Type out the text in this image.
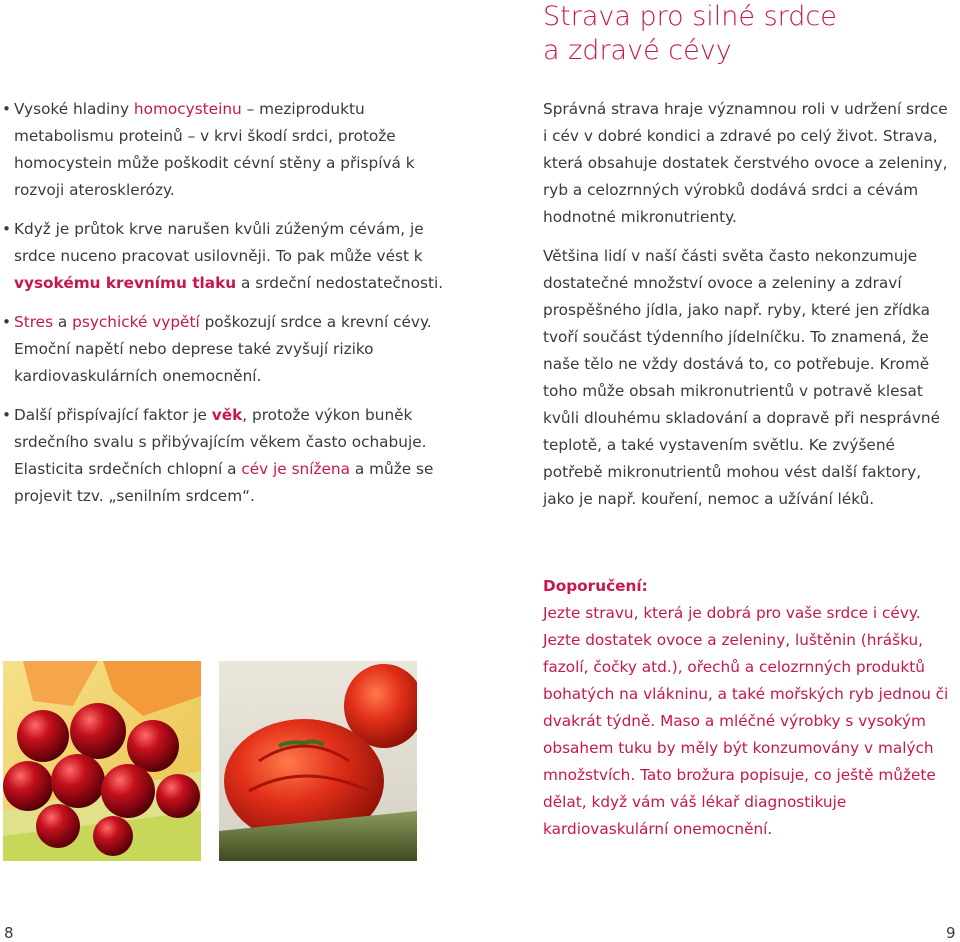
Strava pro silné srdce
a zdravé cévy
• Vysoké hladiny homocysteinu – meziproduktu metabolismu proteinů – v krvi škodí srdci, protože homocystein může poškodit cévní stěny a přispívá k rozvoji aterosklerózy.
• Když je průtok krve narušen kvůli zúženým cévám, je srdce nuceno pracovat usilovněji. To pak může vést k vysokému krevnímu tlaku a srdeční nedostatečnosti.
• Stres a psychické vypětí poškozují srdce a krevní cévy. Emoční napětí nebo deprese také zvyšují riziko kardiovaskulárních onemocnění.
• Další přispívající faktor je věk, protože výkon buněk srdečního svalu s přibývajícím věkem často ochabuje. Elasticita srdečních chlopní a cév je snížena a může se projevit tzv. „senilním srdcem“.

Správná strava hraje významnou roli v udržení srdce i cév v dobré kondici a zdravé po celý život. Strava, která obsahuje dostatek čerstvého ovoce a zeleniny, ryb a celozrnných výrobků dodává srdci a cévám hodnotné mikronutrienty.

Většina lidí v naší části světa často nekonzumuje dostatečné množství ovoce a zeleniny a zdraví prospěšného jídla, jako např. ryby, které jen zřídka tvoří součást týdenního jídelníčku. To znamená, že naše tělo ne vždy dostává to, co potřebuje. Kromě toho může obsah mikronutrientů v potravě klesat kvůli dlouhému skladování a dopravě při nesprávné teplotě, a také vystavením světlu. Ke zvýšené potřebě mikronutrientů mohou vést další faktory, jako je např. kouření, nemoc a užívání léků.

Doporučení:
Jezte stravu, která je dobrá pro vaše srdce i cévy. Jezte dostatek ovoce a zeleniny, luštěnin (hrášku, fazolí, čočky atd.), ořechů a celozrnných produktů bohatých na vlákninu, a také mořských ryb jednou či dvakrát týdně. Maso a mléčné výrobky s vysokým obsahem tuku by měly být konzumovány v malých množstvích. Tato brožura popisuje, co ještě můžete dělat, když vám váš lékař diagnostikuje kardiovaskulární onemocnění.
8	9
